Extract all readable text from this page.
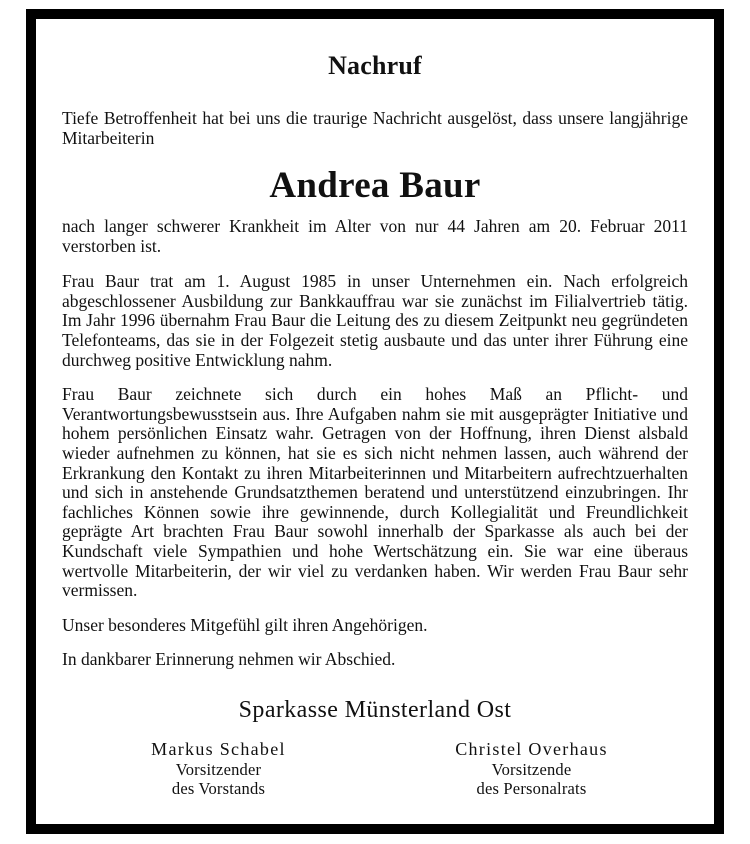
Nachruf

Tiefe Betroffenheit hat bei uns die traurige Nachricht ausgelöst, dass unsere langjährige Mitarbeiterin

Andrea Baur

nach langer schwerer Krankheit im Alter von nur 44 Jahren am 20. Februar 2011 verstorben ist.

Frau Baur trat am 1. August 1985 in unser Unternehmen ein. Nach erfolgreich abgeschlossener Ausbildung zur Bankkauffrau war sie zunächst im Filialvertrieb tätig. Im Jahr 1996 übernahm Frau Baur die Leitung des zu diesem Zeitpunkt neu gegründeten Telefonteams, das sie in der Folgezeit stetig ausbaute und das unter ihrer Führung eine durchweg positive Entwicklung nahm.

Frau Baur zeichnete sich durch ein hohes Maß an Pflicht- und Verantwortungsbewusstsein aus. Ihre Aufgaben nahm sie mit ausgeprägter Initiative und hohem persönlichen Einsatz wahr. Getragen von der Hoffnung, ihren Dienst alsbald wieder aufnehmen zu können, hat sie es sich nicht nehmen lassen, auch während der Erkrankung den Kontakt zu ihren Mitarbeiterinnen und Mitarbeitern aufrechtzuerhalten und sich in anstehende Grundsatzthemen beratend und unterstützend einzubringen. Ihr fachliches Können sowie ihre gewinnende, durch Kollegialität und Freundlichkeit geprägte Art brachten Frau Baur sowohl innerhalb der Sparkasse als auch bei der Kundschaft viele Sympathien und hohe Wertschätzung ein. Sie war eine überaus wertvolle Mitarbeiterin, der wir viel zu verdanken haben. Wir werden Frau Baur sehr vermissen.

Unser besonderes Mitgefühl gilt ihren Angehörigen.

In dankbarer Erinnerung nehmen wir Abschied.

Sparkasse Münsterland Ost
Markus Schabel
Vorsitzender
des Vorstands
Christel Overhaus
Vorsitzende
des Personalrats
